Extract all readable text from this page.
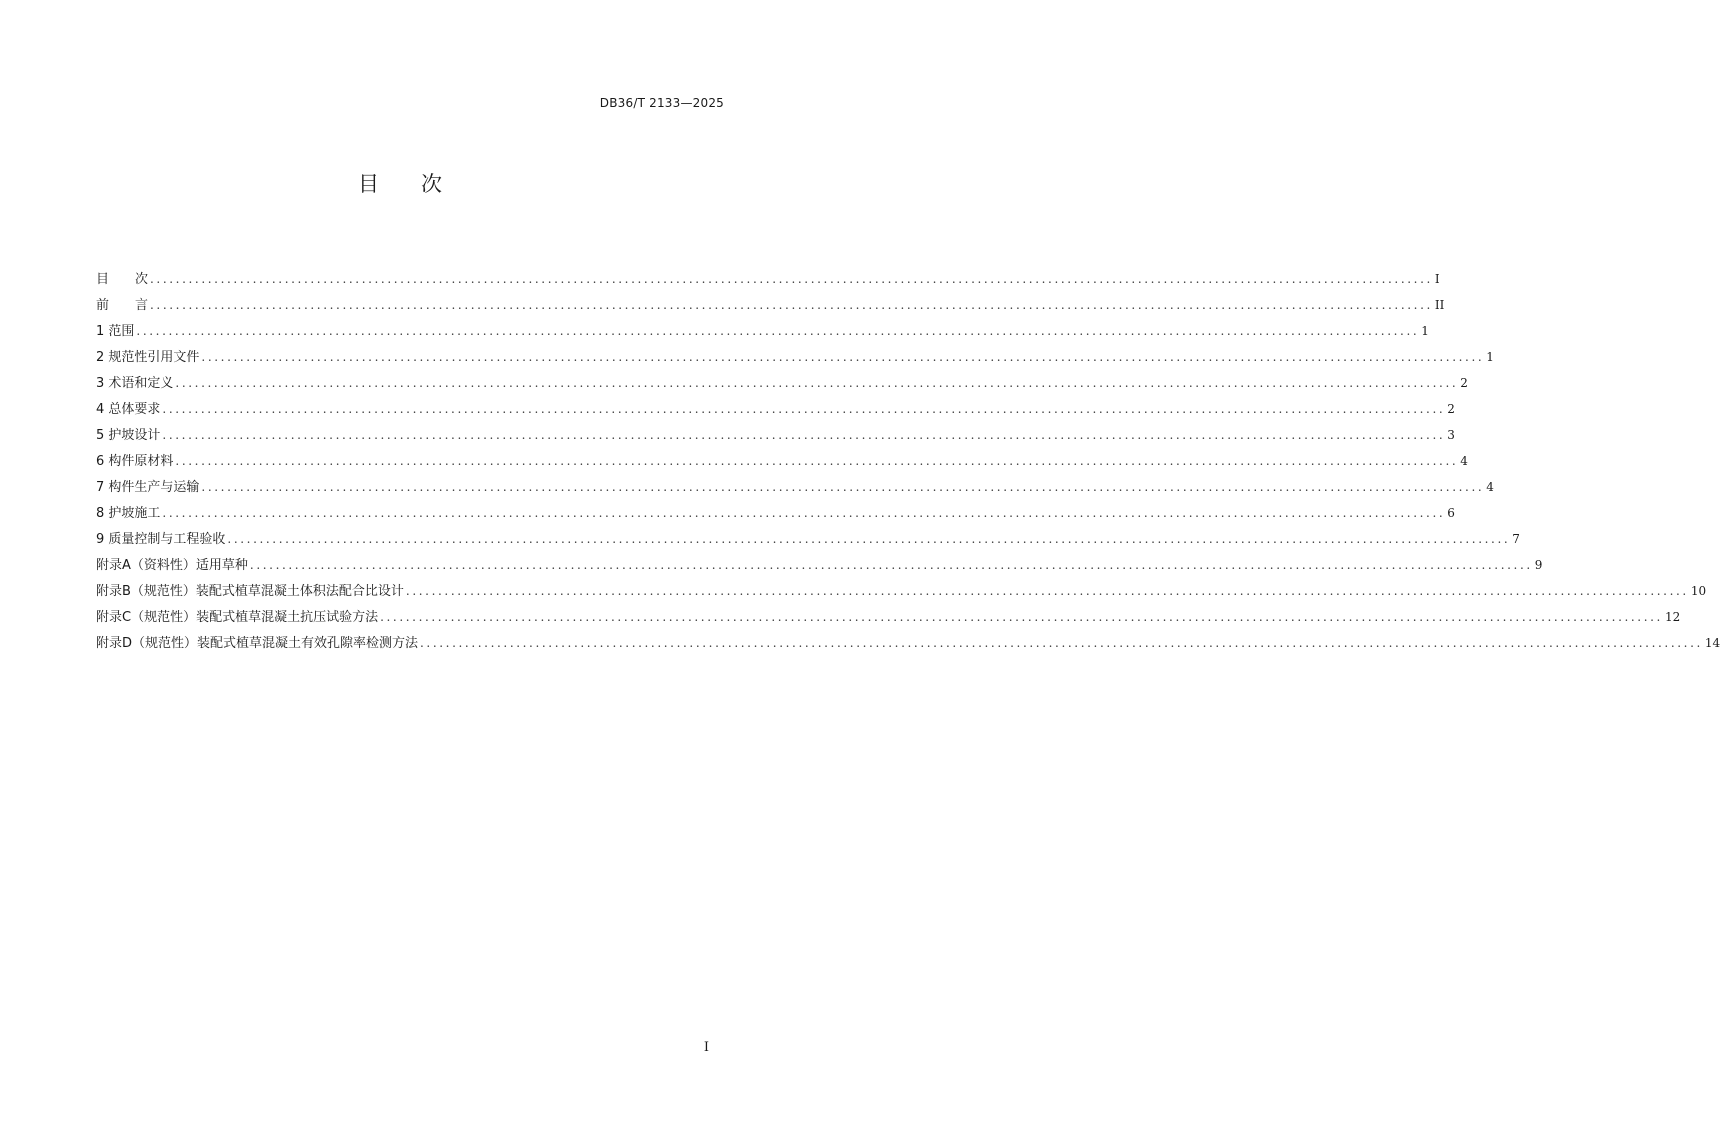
DB36/T 2133—2025
目 次
目　　次 ........................................................................................................................................................................................................ I
前　　言 ........................................................................................................................................................................................................ II
1 范围 ........................................................................................................................................................................................................ 1
2 规范性引用文件 ........................................................................................................................................................................................................ 1
3 术语和定义 ........................................................................................................................................................................................................ 2
4 总体要求 ........................................................................................................................................................................................................ 2
5 护坡设计 ........................................................................................................................................................................................................ 3
6 构件原材料 ........................................................................................................................................................................................................ 4
7 构件生产与运输 ........................................................................................................................................................................................................ 4
8 护坡施工 ........................................................................................................................................................................................................ 6
9 质量控制与工程验收 ........................................................................................................................................................................................................ 7
附录A（资料性）适用草种 ........................................................................................................................................................................................................ 9
附录B（规范性）装配式植草混凝土体积法配合比设计 ........................................................................................................................................................................................................ 10
附录C（规范性）装配式植草混凝土抗压试验方法 ........................................................................................................................................................................................................ 12
附录D（规范性）装配式植草混凝土有效孔隙率检测方法 ........................................................................................................................................................................................................ 14
I
